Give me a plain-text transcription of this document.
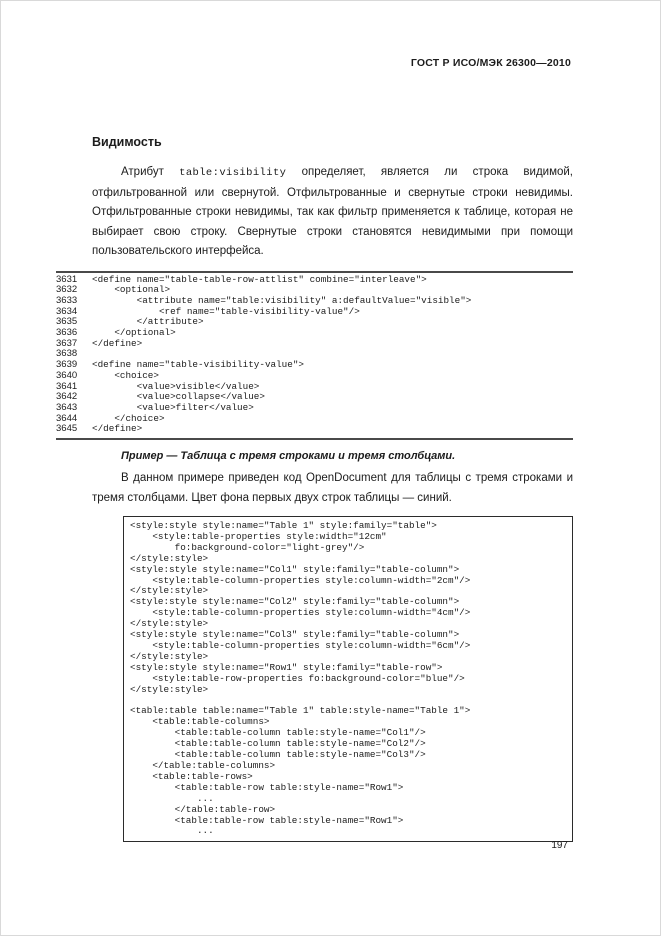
ГОСТ Р ИСО/МЭК 26300—2010
Видимость

Атрибут table:visibility определяет, является ли строка видимой, отфильтрованной или свернутой. Отфильтрованные и свернутые строки невидимы. Отфильтрованные строки невидимы, так как фильтр применяется к таблице, которая не выбирает свою строку. Свернутые строки становятся невидимыми при помощи пользовательского интерфейса.

3631	<define name="table-table-row-attlist" combine="interleave">
3632	<optional>
3633	<attribute name="table:visibility" a:defaultValue="visible">
3634	<ref name="table-visibility-value"/>
3635	</attribute>
3636	</optional>
3637	</define>
3638

3639	<define name="table-visibility-value">
3640	<choice>
3641	<value>visible</value>
3642	<value>collapse</value>
3643	<value>filter</value>
3644	</choice>
3645	</define>

Пример — Таблица с тремя строками и тремя столбцами.

В данном примере приведен код OpenDocument для таблицы с тремя строками и тремя столбцами. Цвет фона первых двух строк таблицы — синий.

<style:style style:name="Table 1" style:family="table">
<style:table-properties style:width="12cm"
fo:background-color="light-grey"/>
</style:style>
<style:style style:name="Col1" style:family="table-column">
<style:table-column-properties style:column-width="2cm"/>
</style:style>
<style:style style:name="Col2" style:family="table-column">
<style:table-column-properties style:column-width="4cm"/>
</style:style>
<style:style style:name="Col3" style:family="table-column">
<style:table-column-properties style:column-width="6cm"/>
</style:style>
<style:style style:name="Row1" style:family="table-row">
<style:table-row-properties fo:background-color="blue"/>
</style:style>

<table:table table:name="Table 1" table:style-name="Table 1">
<table:table-columns>
<table:table-column table:style-name="Col1"/>
<table:table-column table:style-name="Col2"/>
<table:table-column table:style-name="Col3"/>
</table:table-columns>
<table:table-rows>
<table:table-row table:style-name="Row1">
...
</table:table-row>
<table:table-row table:style-name="Row1">
...
197
